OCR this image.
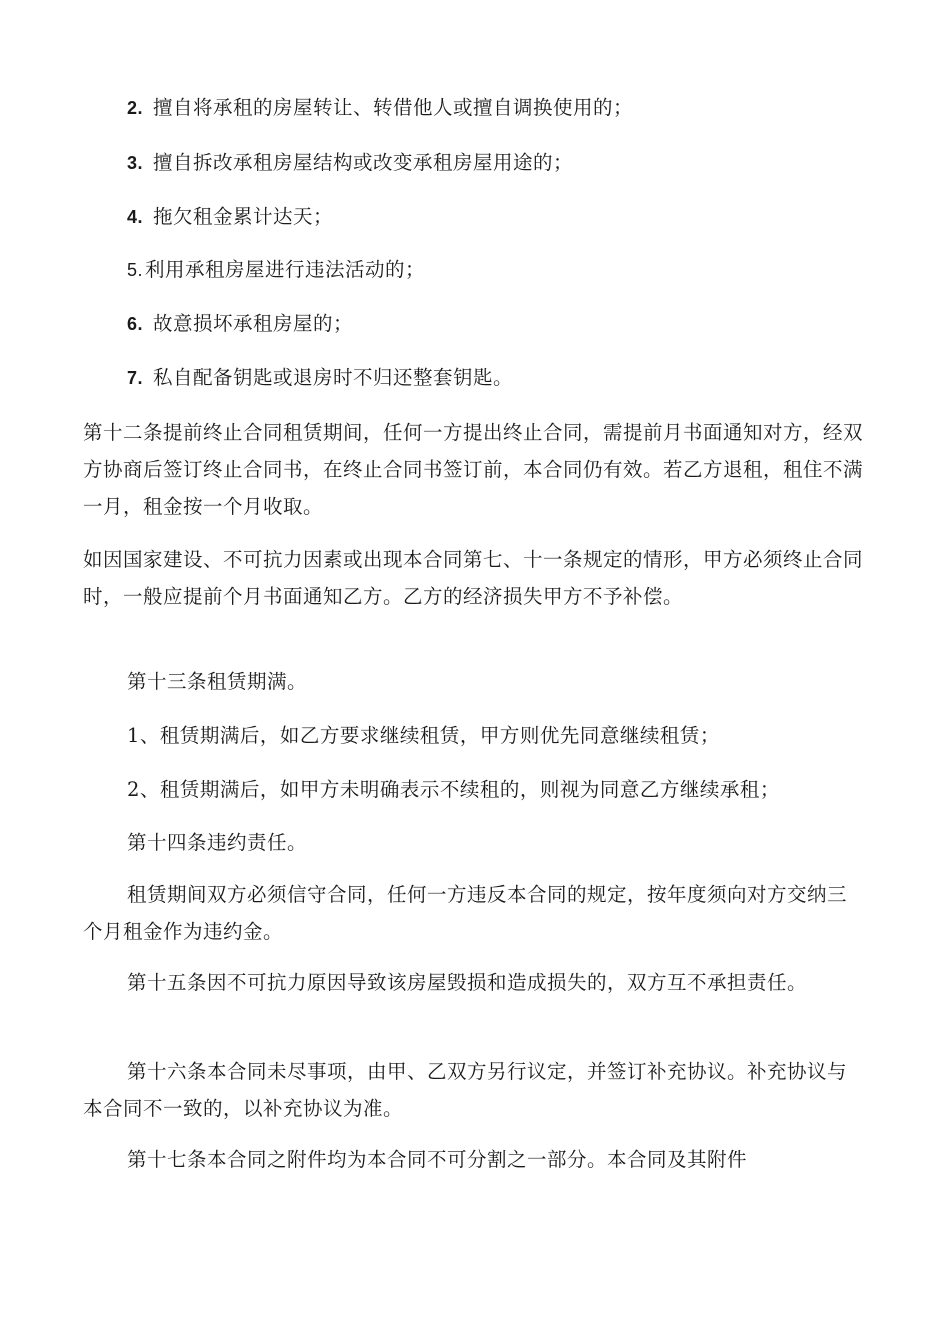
2. 擅自将承租的房屋转让、转借他人或擅自调换使用的；
3. 擅自拆改承租房屋结构或改变承租房屋用途的；
4. 拖欠租金累计达天；
5. 利用承租房屋进行违法活动的；
6. 故意损坏承租房屋的；
7. 私自配备钥匙或退房时不归还整套钥匙。
第十二条提前终止合同租赁期间，任何一方提出终止合同，需提前月书面通知对方，经双方协商后签订终止合同书，在终止合同书签订前，本合同仍有效。若乙方退租，租住不满一月，租金按一个月收取。
如因国家建设、不可抗力因素或出现本合同第七、十一条规定的情形，甲方必须终止合同时，一般应提前个月书面通知乙方。乙方的经济损失甲方不予补偿。
第十三条租赁期满。
1、租赁期满后，如乙方要求继续租赁，甲方则优先同意继续租赁；
2、租赁期满后，如甲方未明确表示不续租的，则视为同意乙方继续承租；
第十四条违约责任。
租赁期间双方必须信守合同，任何一方违反本合同的规定，按年度须向对方交纳三个月租金作为违约金。
第十五条因不可抗力原因导致该房屋毁损和造成损失的，双方互不承担责任。
第十六条本合同未尽事项，由甲、乙双方另行议定，并签订补充协议。补充协议与本合同不一致的，以补充协议为准。
第十七条本合同之附件均为本合同不可分割之一部分。本合同及其附件
